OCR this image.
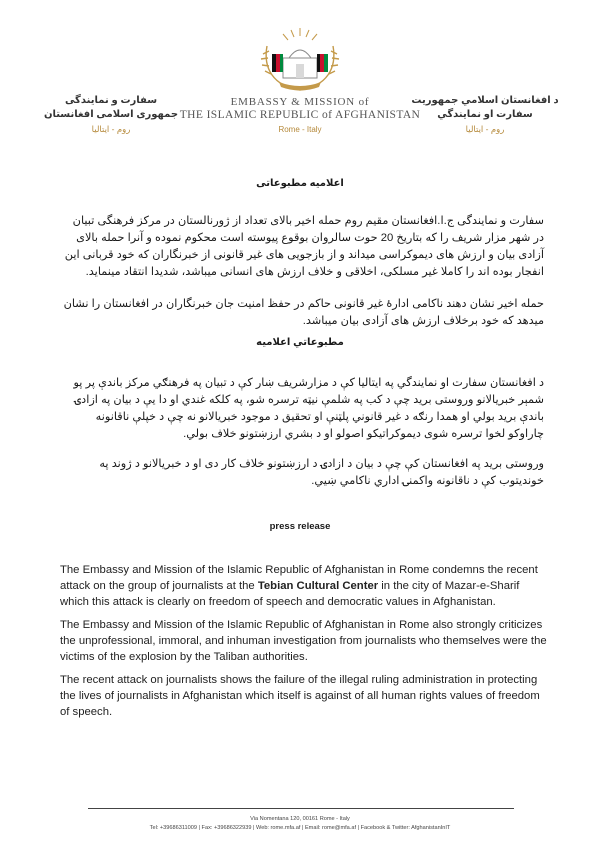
د افغانستان اسلامي جمهوريت
سفارت او نمايندگي
روم - ايتاليا
EMBASSY & MISSION of
THE ISLAMIC REPUBLIC of AFGHANISTAN
Rome - Italy
سفارت و نمایندگی
جمهوری اسلامی افغانستان
روم - ایتالیا
اعلامیه مطبوعاتی
سفارت و نمایندگی ج.ا.افغانستان مقیم روم حمله اخیر بالای تعداد از ژورنالستان در مرکز فرهنگی تبیان در شهر مزار شریف را که بتاریخ 20 حوت سالروان بوقوع پیوسته است محکوم نموده و آنرا حمله بالای آزادی بیان و ارزش های دیموکراسی میداند و از بازجویی های غیر قانونی از خبرنگاران که خود قربانی این انفجار بوده اند را کاملا غیر مسلکی، اخلاقی و خلاف ارزش های انسانی میباشد، شدیدا انتقاد مینماید.
حمله اخیر نشان دهند ناکامی ادارۀ غیر قانونی حاکم در حفظ امنیت جان خبرنگاران در افغانستان را نشان میدهد که خود برخلاف ارزش های آزادی بیان میباشد.
مطبوعاتي اعلاميه
د افغانستان سفارت او نمايندگي په ايتاليا کې د مزارشريف ښار کې د تبيان په فرهنګي مرکز باندې پر پو شمېر خبریالانو وروستی برید چې د کب په شلمې نیټه ترسره شو، په کلکه غندي او دا يې د بيان په ازادۍ باندې برید بولي او همدا رنګه د غیر قانوني پلټنې او تحقيق د موجود خبرياﻻنو نه چې د خپلې ناقانونه چاراوکو لخوا ترسره شوی ديموکراتيکو اصولو او د بشري ارزښتونو خلاف بولي.
وروستی برید په افغانستان کې چې د بيان د ازادۍ د ارزښتونو خلاف کار دی او د خبرياﻻنو د ژوند په خونديتوب کې د ناقانونه واکمنۍ اداري ناکامي ښيي.
press release
The Embassy and Mission of the Islamic Republic of Afghanistan in Rome condemns the recent attack on the group of journalists at the Tebian Cultural Center in the city of Mazar-e-Sharif which this attack is clearly on freedom of speech and democratic values in Afghanistan.
The Embassy and Mission of the Islamic Republic of Afghanistan in Rome also strongly criticizes the unprofessional, immoral, and inhuman investigation from journalists who themselves were the victims of the explosion by the Taliban authorities.
The recent attack on journalists shows the failure of the illegal ruling administration in protecting the lives of journalists in Afghanistan which itself is against of all human rights values of freedom of speech.
Via Nomentana 120, 00161 Rome - Italy
Tel: +39686311009 | Fax: +39686322939 | Web: rome.mfa.af | Email: rome@mfa.af | Facebook & Twitter: AfghanistanInIT
